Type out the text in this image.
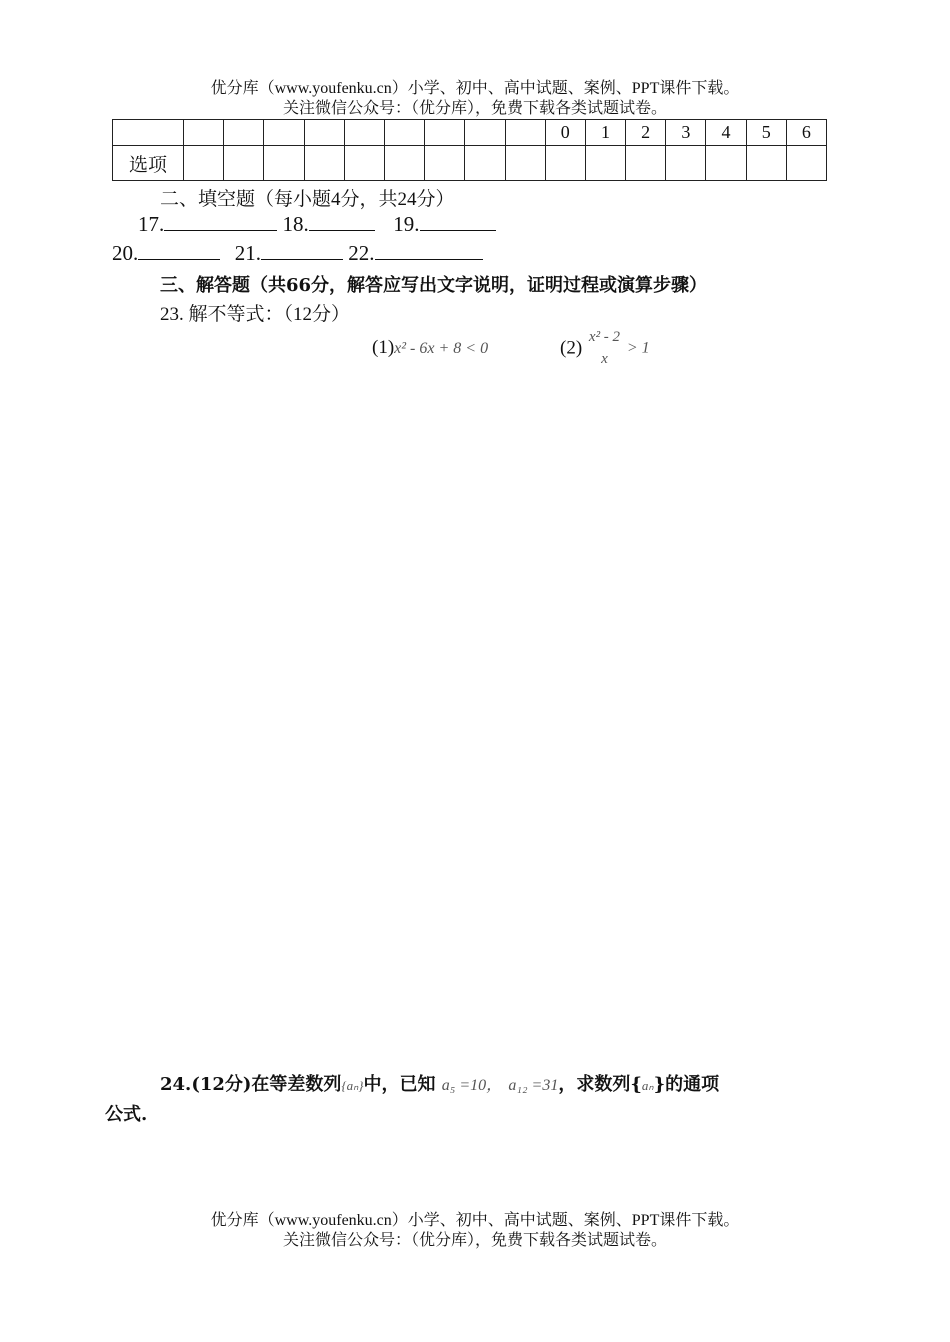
优分库（www.youfenku.cn）小学、初中、高中试题、案例、PPT课件下载。
关注微信公众号：（优分库），免费下载各类试题试卷。
										0	1	2	3	4	5	6
选项																
二、填空题（每小题4分，共24分）
17.	18.	19.
20.	21.	22.
三、解答题（共66分，解答应写出文字说明，证明过程或演算步骤）
23. 解不等式：（12分）
(1)x² - 6x + 8 < 0	(2)
x² - 2
x
> 1
24.(12分)在等差数列{aₙ}中，已知 a₅ =10， a₁₂ =31，求数列{aₙ}的通项
公式.
优分库（www.youfenku.cn）小学、初中、高中试题、案例、PPT课件下载。
关注微信公众号：（优分库），免费下载各类试题试卷。
